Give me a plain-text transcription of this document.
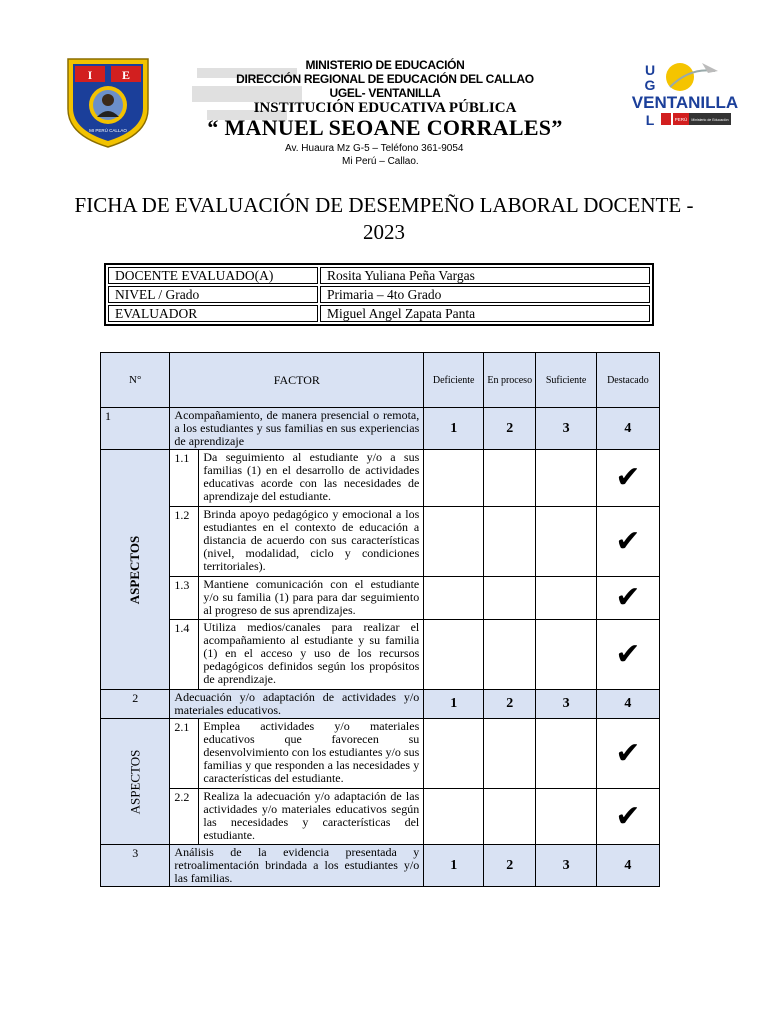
I E
MI PERÚ CALLAO
MINISTERIO DE EDUCACIÓN
DIRECCIÓN REGIONAL DE EDUCACIÓN DEL CALLAO
UGEL- VENTANILLA
INSTITUCIÓN EDUCATIVA PÚBLICA
“ MANUEL SEOANE CORRALES”
Av. Huaura Mz G-5 – Teléfono 361-9054
Mi Perú – Callao.
U
G
VENTANILLA
L	PERÚ Ministerio de Educación
FICHA DE EVALUACIÓN DE DESEMPEÑO LABORAL DOCENTE - 2023
DOCENTE EVALUADO(A)	Rosita Yuliana Peña Vargas
NIVEL / Grado	Primaria – 4to Grado
EVALUADOR	Miguel Angel Zapata Panta
N°	FACTOR		Deficiente	En proceso	Suficiente	Destacado
1	Acompañamiento, de manera presencial o remota, a los estudiantes y sus familias en sus experiencias de aprendizaje		1	2	3	4
ASPECTOS	1.1	Da seguimiento al estudiante y/o a sus familias (1) en el desarrollo de actividades educativas acorde con las necesidades de aprendizaje del estudiante.				✔
	1.2	Brinda apoyo pedagógico y emocional a los estudiantes en el contexto de educación a distancia de acuerdo con sus características (nivel, modalidad, ciclo y condiciones territoriales).				✔
	1.3	Mantiene comunicación con el estudiante y/o su familia (1) para para dar seguimiento al progreso de sus aprendizajes.				✔
	1.4	Utiliza medios/canales para realizar el acompañamiento al estudiante y su familia (1) en el acceso y uso de los recursos pedagógicos definidos según los propósitos de aprendizaje.				✔
2	Adecuación y/o adaptación de actividades y/o materiales educativos.		1	2	3	4
ASPECTOS	2.1	Emplea actividades y/o materiales educativos que favorecen su desenvolvimiento con los estudiantes y/o sus familias y que responden a las necesidades y características del estudiante.				✔
	2.2	Realiza la adecuación y/o adaptación de las actividades y/o materiales educativos según las necesidades y características del estudiante.				✔
3	Análisis de la evidencia presentada y retroalimentación brindada a los estudiantes y/o las familias.		1	2	3	4
